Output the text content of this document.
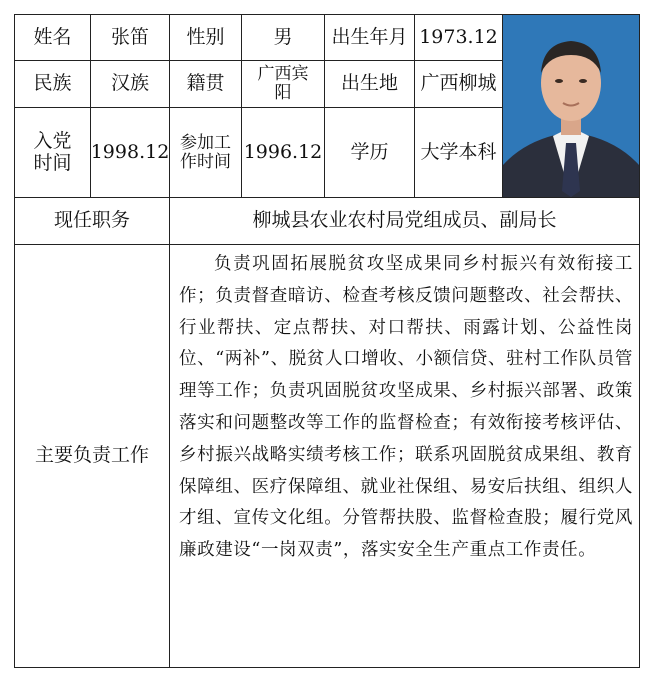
姓名	张笛	性别	男	出生年月 1973.12
民族	汉族	籍贯	广西宾阳	出生地	广西柳城
入党时间	1998.12 参加工作时间 1996.12	学历	大学本科
现任职务	柳城县农业农村局党组成员、副局长
主要负责工作

负责巩固拓展脱贫攻坚成果同乡村振兴有效衔接工作；负责督查暗访、检查考核反馈问题整改、社会帮扶、行业帮扶、定点帮扶、对口帮扶、雨露计划、公益性岗位、“两补”、脱贫人口增收、小额信贷、驻村工作队员管理等工作；负责巩固脱贫攻坚成果、乡村振兴部署、政策落实和问题整改等工作的监督检查；有效衔接考核评估、乡村振兴战略实绩考核工作；联系巩固脱贫成果组、教育保障组、医疗保障组、就业社保组、易安后扶组、组织人才组、宣传文化组。分管帮扶股、监督检查股；履行党风廉政建设“一岗双责”，落实安全生产重点工作责任。
